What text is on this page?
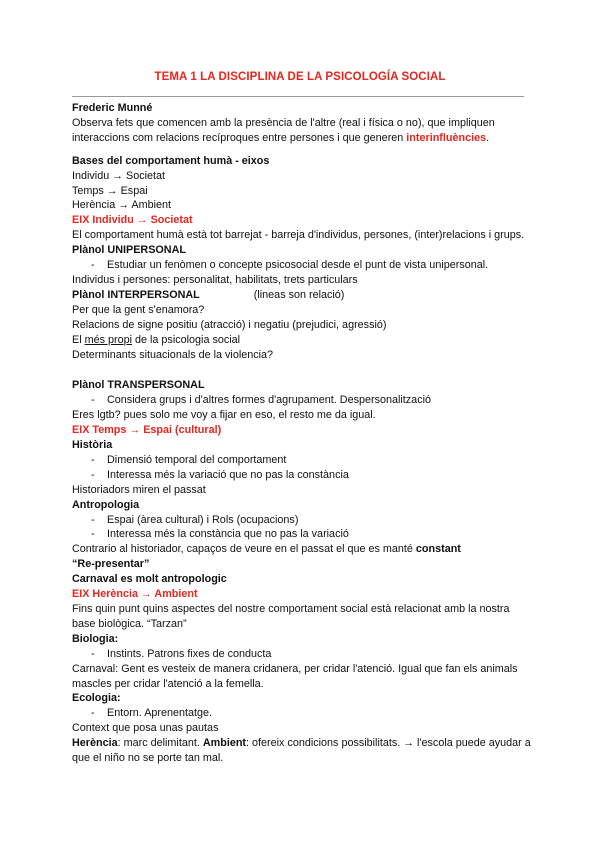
TEMA 1 LA DISCIPLINA DE LA PSICOLOGÍA SOCIAL

Frederic Munné

Observa fets que comencen amb la presència de l'altre (real i física o no), que impliquen interaccions com relacions recíproques entre persones i que generen interinfluències.

Bases del comportament humà - eixos

Individu → Societat

Temps → Espai

Herència → Ambient

EIX Individu → Societat

El comportament humà està tot barrejat - barreja d'individus, persones, (inter)relacions i grups.

Plànol UNIPERSONAL

- Estudiar un fenòmen o concepte psicosocial desde el punt de vista unipersonal.

Individus i persones: personalitat, habilitats, trets particulars

Plànol INTERPERSONAL	(lineas son relació)

Per que la gent s'enamora?

Relacions de signe positiu (atracció) i negatiu (prejudici, agressió)

El més propi de la psicologia social

Determinants situacionals de la violencia?

Plànol TRANSPERSONAL

- Considera grups i d'altres formes d'agrupament. Despersonalització

Eres lgtb? pues solo me voy a fijar en eso, el resto me da igual.

EIX Temps → Espai (cultural)

Història

- Dimensió temporal del comportament

- Interessa més la variació que no pas la constància

Historiadors miren el passat

Antropologia

- Espai (àrea cultural) i Rols (ocupacions)

- Interessa més la constància que no pas la variació

Contrario al historiador, capaços de veure en el passat el que es manté constant

“Re-presentar”

Carnaval es molt antropologic

EIX Herència → Ambient

Fins quin punt quins aspectes del nostre comportament social està relacionat amb la nostra base biològica. “Tarzan”

Biologia:

- Instints. Patrons fixes de conducta

Carnaval: Gent es vesteix de manera cridanera, per cridar l'atenció. Igual que fan els animals mascles per cridar l'atenció a la femella.

Ecologia:

- Entorn. Aprenentatge.

Context que posa unas pautas

Herència: marc delimitant. Ambient: ofereix condicions possibilitats. → l'escola puede ayudar a que el niño no se porte tan mal.
